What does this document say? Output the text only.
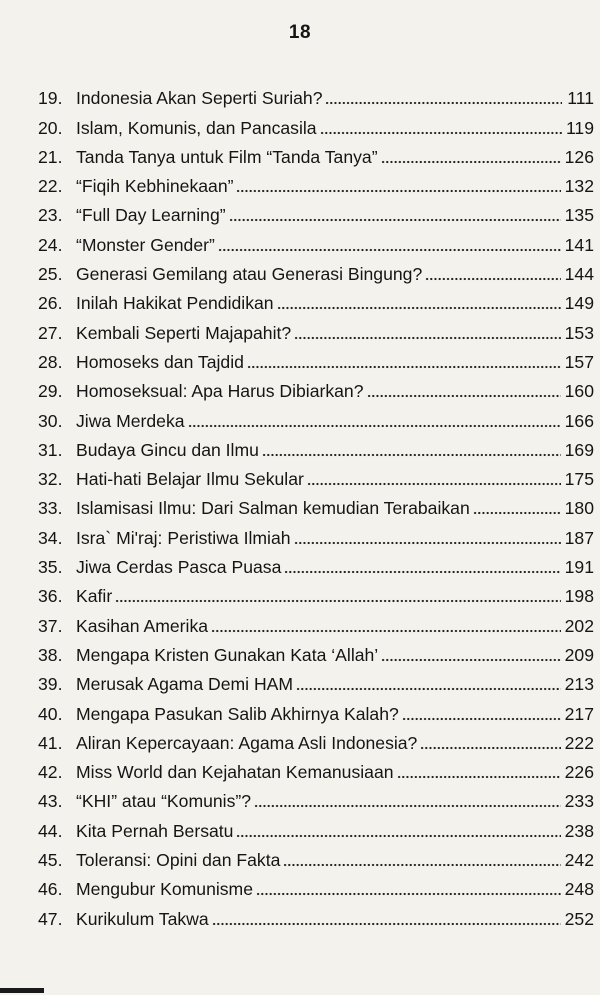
18
19. Indonesia Akan Seperti Suriah?	111
20. Islam, Komunis, dan Pancasila	119
21. Tanda Tanya untuk Film “Tanda Tanya”	126
22. “Fiqih Kebhinekaan”	132
23. “Full Day Learning”	135
24. “Monster Gender”	141
25. Generasi Gemilang atau Generasi Bingung?	144
26. Inilah Hakikat Pendidikan	149
27. Kembali Seperti Majapahit?	153
28. Homoseks dan Tajdid	157
29. Homoseksual: Apa Harus Dibiarkan?	160
30. Jiwa Merdeka	166
31. Budaya Gincu dan Ilmu	169
32. Hati-hati Belajar Ilmu Sekular	175
33. Islamisasi Ilmu: Dari Salman kemudian Terabaikan	180
34. Isra` Mi'raj: Peristiwa Ilmiah	187
35. Jiwa Cerdas Pasca Puasa	191
36. Kafir	198
37. Kasihan Amerika	202
38. Mengapa Kristen Gunakan Kata ‘Allah’	209
39. Merusak Agama Demi HAM	213
40. Mengapa Pasukan Salib Akhirnya Kalah?	217
41. Aliran Kepercayaan: Agama Asli Indonesia?	222
42. Miss World dan Kejahatan Kemanusiaan	226
43. “KHI” atau “Komunis”?	233
44. Kita Pernah Bersatu	238
45. Toleransi: Opini dan Fakta	242
46. Mengubur Komunisme	248
47. Kurikulum Takwa	252
